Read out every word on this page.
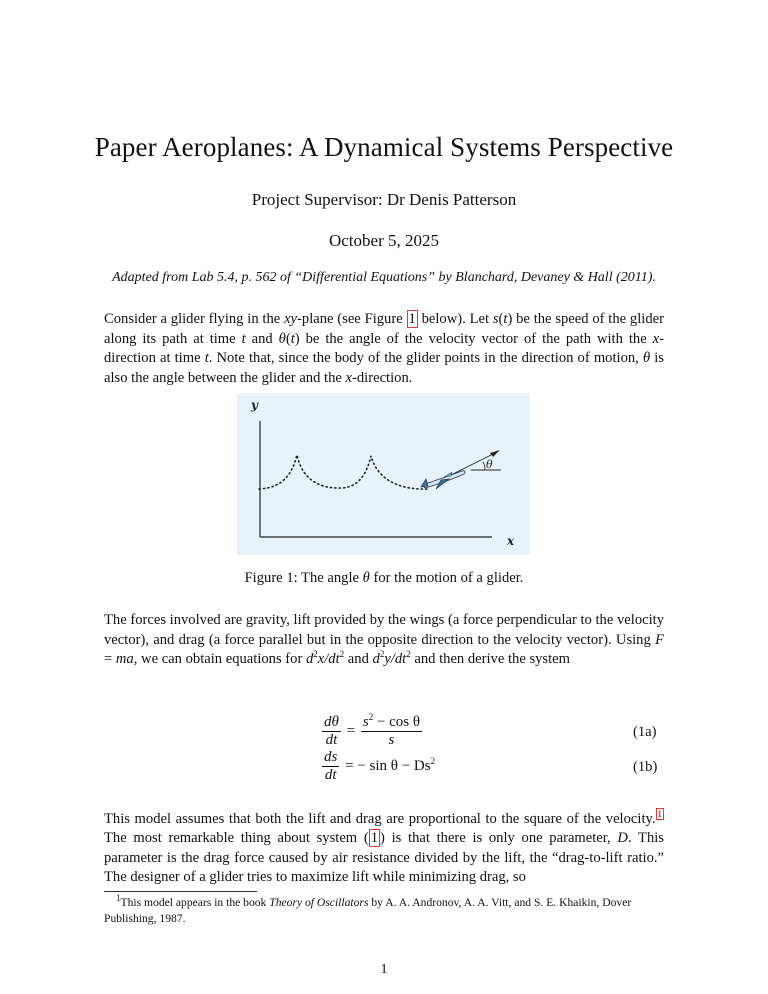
Paper Aeroplanes: A Dynamical Systems Perspective
Project Supervisor: Dr Denis Patterson
October 5, 2025
Adapted from Lab 5.4, p. 562 of “Differential Equations” by Blanchard, Devaney & Hall (2011).
Consider a glider flying in the xy-plane (see Figure 1 below). Let s(t) be the speed of the glider along its path at time t and θ(t) be the angle of the velocity vector of the path with the x-direction at time t. Note that, since the body of the glider points in the direction of motion, θ is also the angle between the glider and the x-direction.
y
x
θ
Figure 1: The angle θ for the motion of a glider.
The forces involved are gravity, lift provided by the wings (a force perpendicular to the velocity vector), and drag (a force parallel but in the opposite direction to the velocity vector). Using F = ma, we can obtain equations for $d^2x/dt^2$ and $d^2y/dt^2$ and then derive the system
$\frac{d\theta}{dt} = \frac{s^2 - \cos \theta}{s}$	(1a)
$\frac{ds}{dt}$ = − $\sin \theta - Ds^2$	(1b)
This model assumes that both the lift and drag are proportional to the square of the velocity. $^1$ The most remarkable thing about system ( 1 ) is that there is only one parameter, D. This parameter is the drag force caused by air resistance divided by the lift, the “drag-to-lift ratio.” The designer of a glider tries to maximize lift while minimizing drag, so
$^1$This model appears in the book Theory of Oscillators by A. A. Andronov, A. A. Vitt, and S. E. Khaikin, Dover Publishing, 1987.
1
